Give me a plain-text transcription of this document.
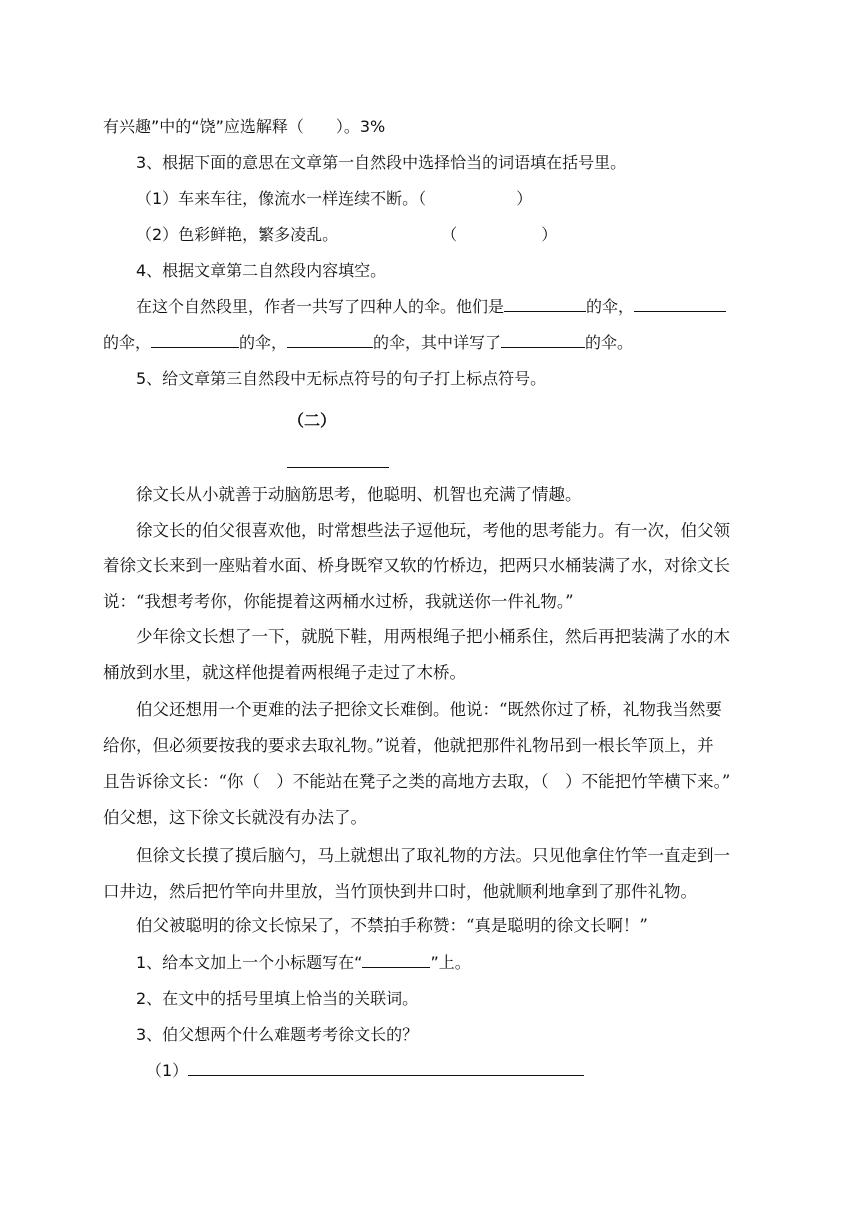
有兴趣”中的“饶”应选解释（　　）。3%
3、根据下面的意思在文章第一自然段中选择恰当的词语填在括号里。
（1）车来车往，像流水一样连续不断。（	）
（2）色彩鲜艳，繁多凌乱。	（	）
4、根据文章第二自然段内容填空。
在这个自然段里，作者一共写了四种人的伞。他们是	的伞，
的伞，	的伞，	的伞，其中详写了	的伞。
5、给文章第三自然段中无标点符号的句子打上标点符号。
（二）
徐文长从小就善于动脑筋思考，他聪明、机智也充满了情趣。
徐文长的伯父很喜欢他，时常想些法子逗他玩，考他的思考能力。有一次，伯父领
着徐文长来到一座贴着水面、桥身既窄又软的竹桥边，把两只水桶装满了水，对徐文长
说：“我想考考你，你能提着这两桶水过桥，我就送你一件礼物。”
少年徐文长想了一下，就脱下鞋，用两根绳子把小桶系住，然后再把装满了水的木
桶放到水里，就这样他提着两根绳子走过了木桥。
伯父还想用一个更难的法子把徐文长难倒。他说：“既然你过了桥，礼物我当然要
给你，但必须要按我的要求去取礼物。”说着，他就把那件礼物吊到一根长竿顶上，并
且告诉徐文长：“你（　）不能站在凳子之类的高地方去取，（　）不能把竹竿横下来。”
伯父想，这下徐文长就没有办法了。
但徐文长摸了摸后脑勺，马上就想出了取礼物的方法。只见他拿住竹竿一直走到一
口井边，然后把竹竿向井里放，当竹顶快到井口时，他就顺利地拿到了那件礼物。
伯父被聪明的徐文长惊呆了，不禁拍手称赞：“真是聪明的徐文长啊！”
1、给本文加上一个小标题写在“	”上。
2、在文中的括号里填上恰当的关联词。
3、伯父想两个什么难题考考徐文长的？
（1）
